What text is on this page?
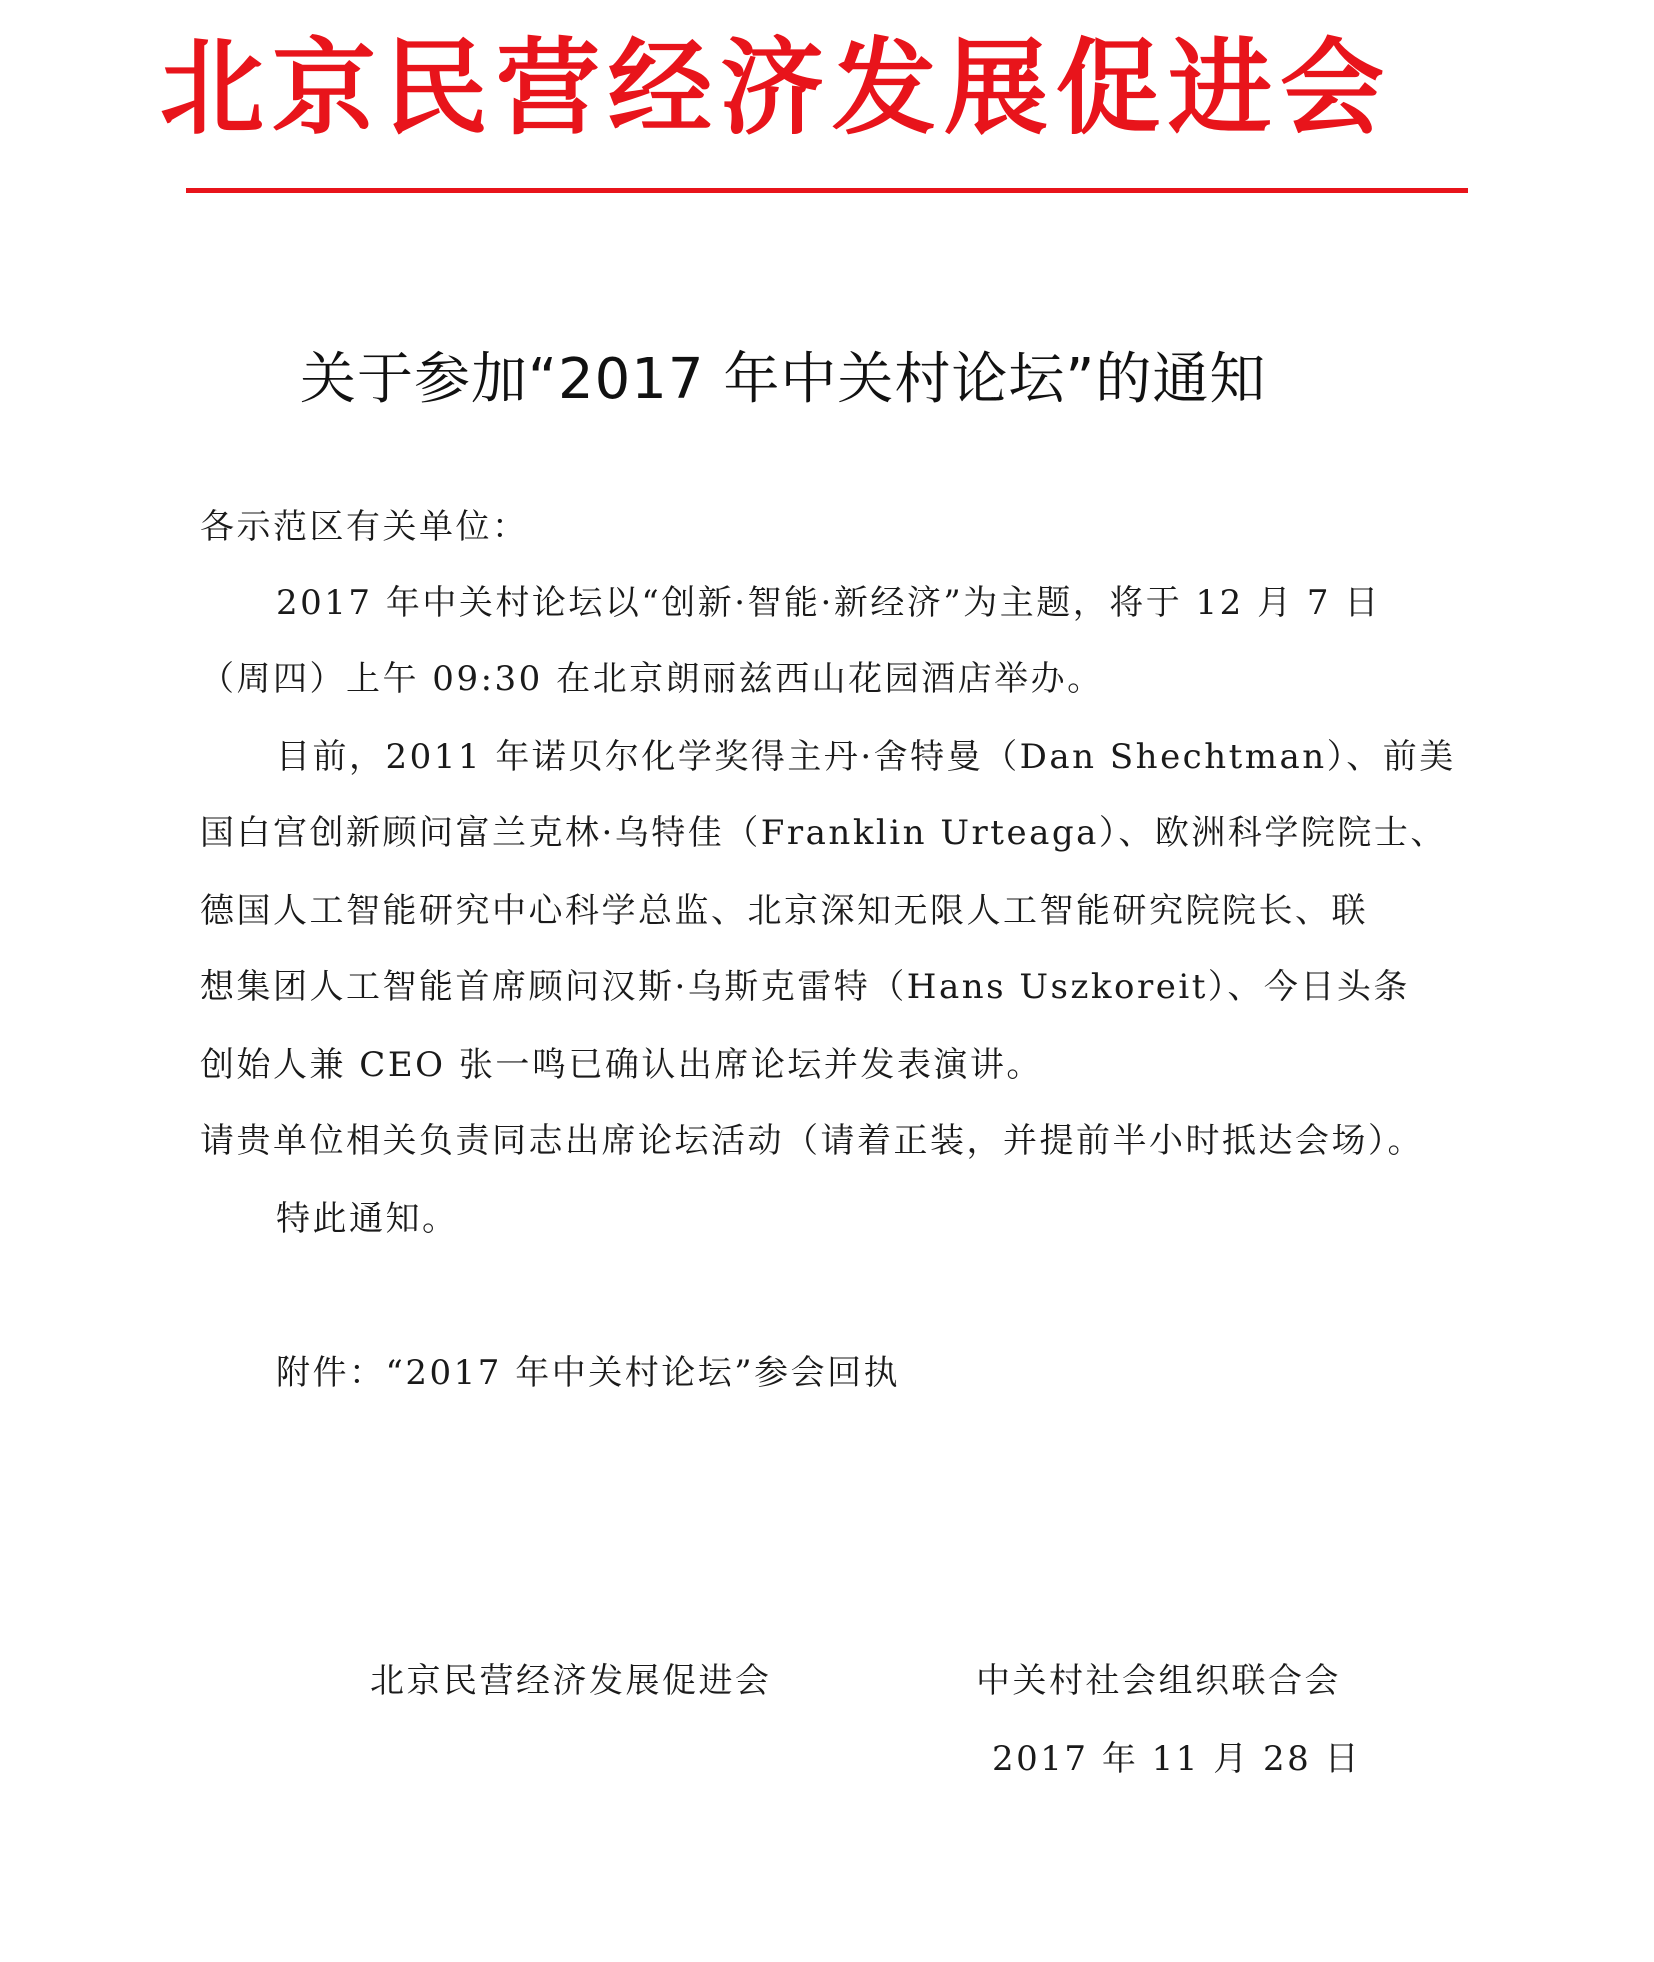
北京民营经济发展促进会
关于参加“2017 年中关村论坛”的通知
各示范区有关单位：
2017 年中关村论坛以“创新·智能·新经济”为主题，将于 12 月 7 日
（周四）上午 09:30 在北京朗丽兹西山花园酒店举办。
目前，2011 年诺贝尔化学奖得主丹·舍特曼（Dan Shechtman）、前美
国白宫创新顾问富兰克林·乌特佳（Franklin Urteaga）、欧洲科学院院士、
德国人工智能研究中心科学总监、北京深知无限人工智能研究院院长、联
想集团人工智能首席顾问汉斯·乌斯克雷特（Hans Uszkoreit）、今日头条
创始人兼 CEO 张一鸣已确认出席论坛并发表演讲。
请贵单位相关负责同志出席论坛活动（请着正装，并提前半小时抵达会场）。
特此通知。
附件：“2017 年中关村论坛”参会回执
北京民营经济发展促进会	中关村社会组织联合会
2017 年 11 月 28 日
